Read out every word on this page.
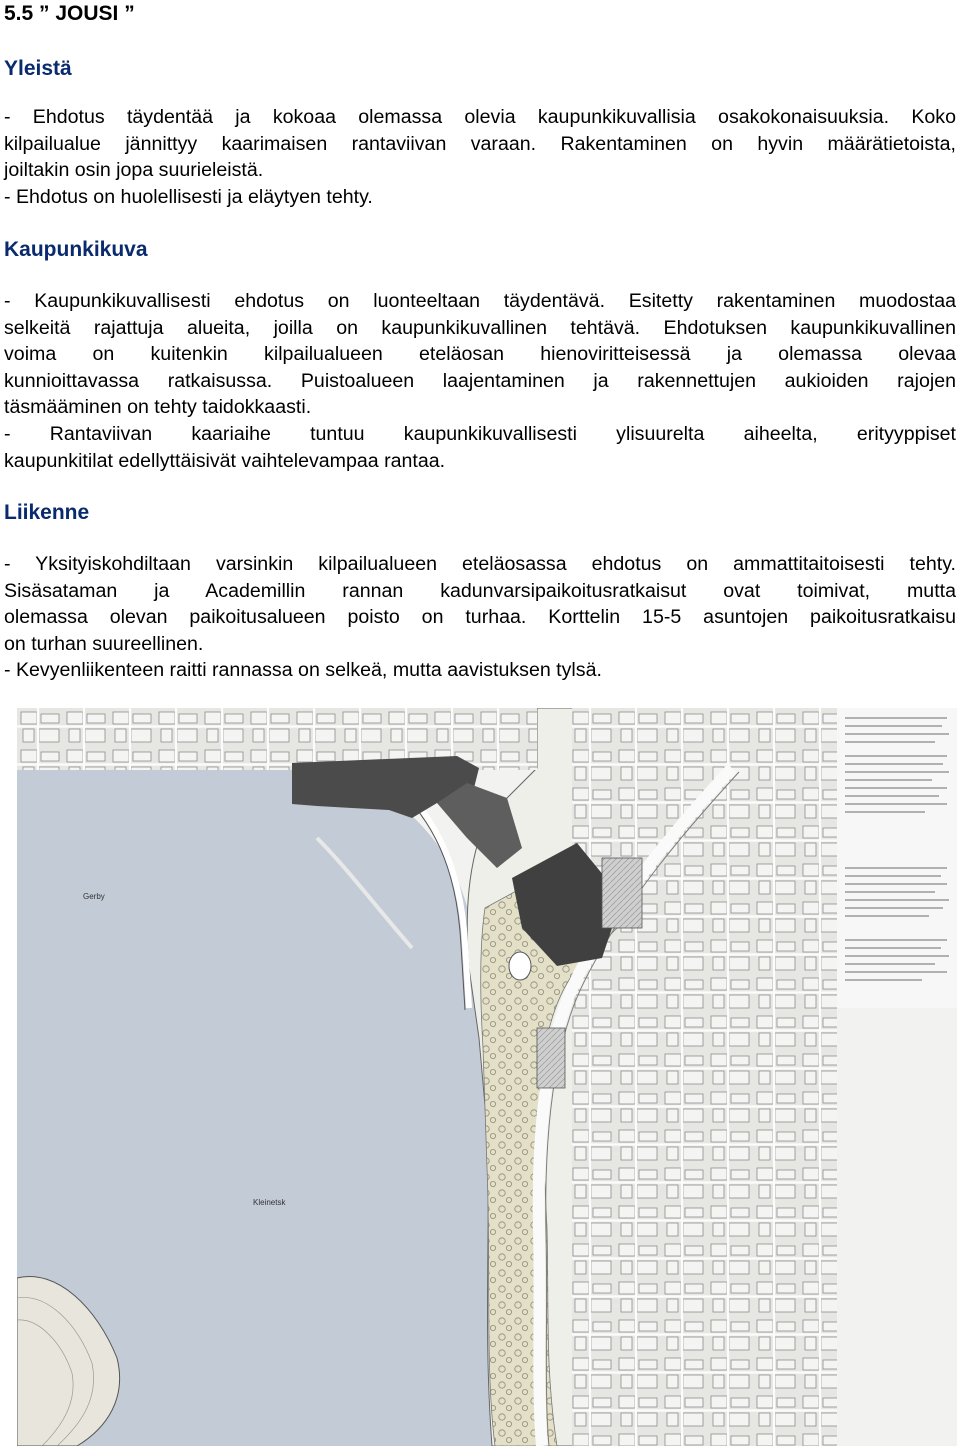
5.5 ” JOUSI ”
Yleistä
- Ehdotus täydentää ja kokoaa olemassa olevia kaupunkikuvallisia osakokonaisuuksia. Koko
kilpailualue jännittyy kaarimaisen rantaviivan varaan. Rakentaminen on hyvin määrätietoista,
joiltakin osin jopa suurieleistä.
- Ehdotus on huolellisesti ja eläytyen tehty.
Kaupunkikuva
- Kaupunkikuvallisesti ehdotus on luonteeltaan täydentävä. Esitetty rakentaminen muodostaa
selkeitä rajattuja alueita, joilla on kaupunkikuvallinen tehtävä. Ehdotuksen kaupunkikuvallinen
voima on kuitenkin kilpailualueen eteläosan hienoviritteisessä ja olemassa olevaa
kunnioittavassa ratkaisussa. Puistoalueen laajentaminen ja rakennettujen aukioiden rajojen
täsmääminen on tehty taidokkaasti.
- Rantaviivan kaariaihe tuntuu kaupunkikuvallisesti ylisuurelta aiheelta, erityyppiset
kaupunkitilat edellyttäisivät vaihtelevampaa rantaa.
Liikenne
- Yksityiskohdiltaan varsinkin kilpailualueen eteläosassa ehdotus on ammattitaitoisesti tehty.
Sisäsataman ja Academillin rannan kadunvarsipaikoitusratkaisut ovat toimivat, mutta
olemassa olevan paikoitusalueen poisto on turhaa. Korttelin 15-5 asuntojen paikoitusratkaisu
on turhan suureellinen.
- Kevyenliikenteen raitti rannassa on selkeä, mutta aavistuksen tylsä.
Gerby
Kleinetsk
